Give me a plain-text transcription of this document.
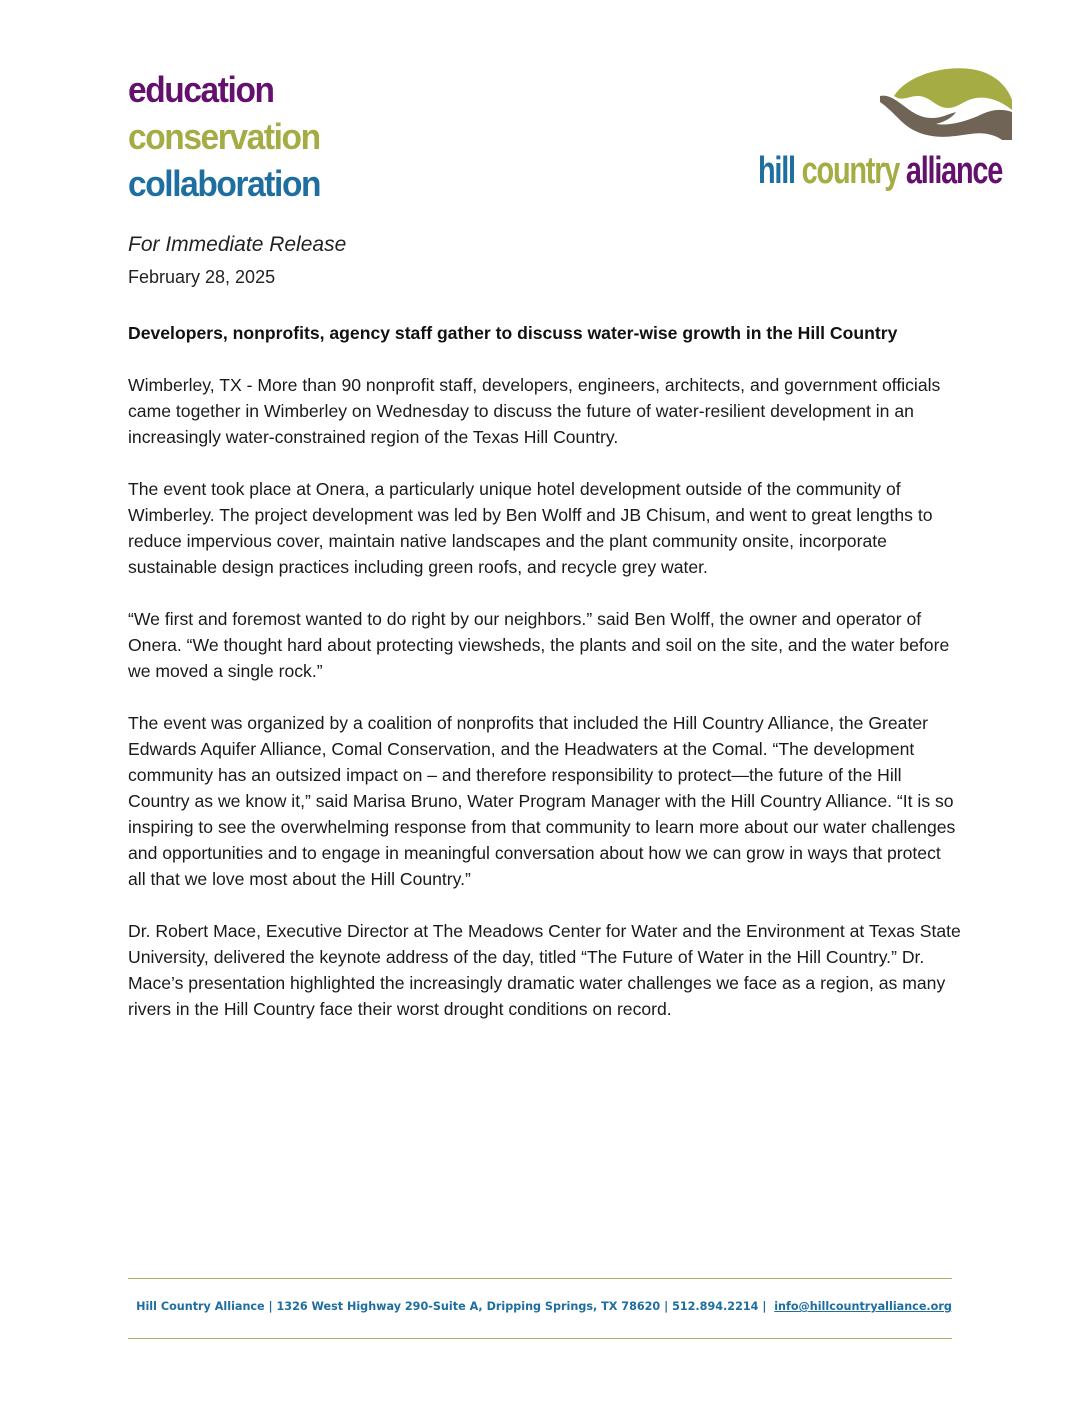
education
conservation
collaboration	hill country alliance
For Immediate Release
February 28, 2025
Developers, nonprofits, agency staff gather to discuss water-wise growth in the Hill Country

Wimberley, TX - More than 90 nonprofit staff, developers, engineers, architects, and government officials came together in Wimberley on Wednesday to discuss the future of water-resilient development in an increasingly water-constrained region of the Texas Hill Country.

The event took place at Onera, a particularly unique hotel development outside of the community of Wimberley. The project development was led by Ben Wolff and JB Chisum, and went to great lengths to reduce impervious cover, maintain native landscapes and the plant community onsite, incorporate sustainable design practices including green roofs, and recycle grey water.

“We first and foremost wanted to do right by our neighbors.” said Ben Wolff, the owner and operator of Onera. “We thought hard about protecting viewsheds, the plants and soil on the site, and the water before we moved a single rock.”

The event was organized by a coalition of nonprofits that included the Hill Country Alliance, the Greater Edwards Aquifer Alliance, Comal Conservation, and the Headwaters at the Comal. “The development community has an outsized impact on – and therefore responsibility to protect—the future of the Hill Country as we know it,” said Marisa Bruno, Water Program Manager with the Hill Country Alliance. “It is so inspiring to see the overwhelming response from that community to learn more about our water challenges and opportunities and to engage in meaningful conversation about how we can grow in ways that protect all that we love most about the Hill Country.”

Dr. Robert Mace, Executive Director at The Meadows Center for Water and the Environment at Texas State University, delivered the keynote address of the day, titled “The Future of Water in the Hill Country.” Dr. Mace’s presentation highlighted the increasingly dramatic water challenges we face as a region, as many rivers in the Hill Country face their worst drought conditions on record.

Hill Country Alliance | 1326 West Highway 290-Suite A, Dripping Springs, TX 78620 | 512.894.2214 | info@hillcountryalliance.org
